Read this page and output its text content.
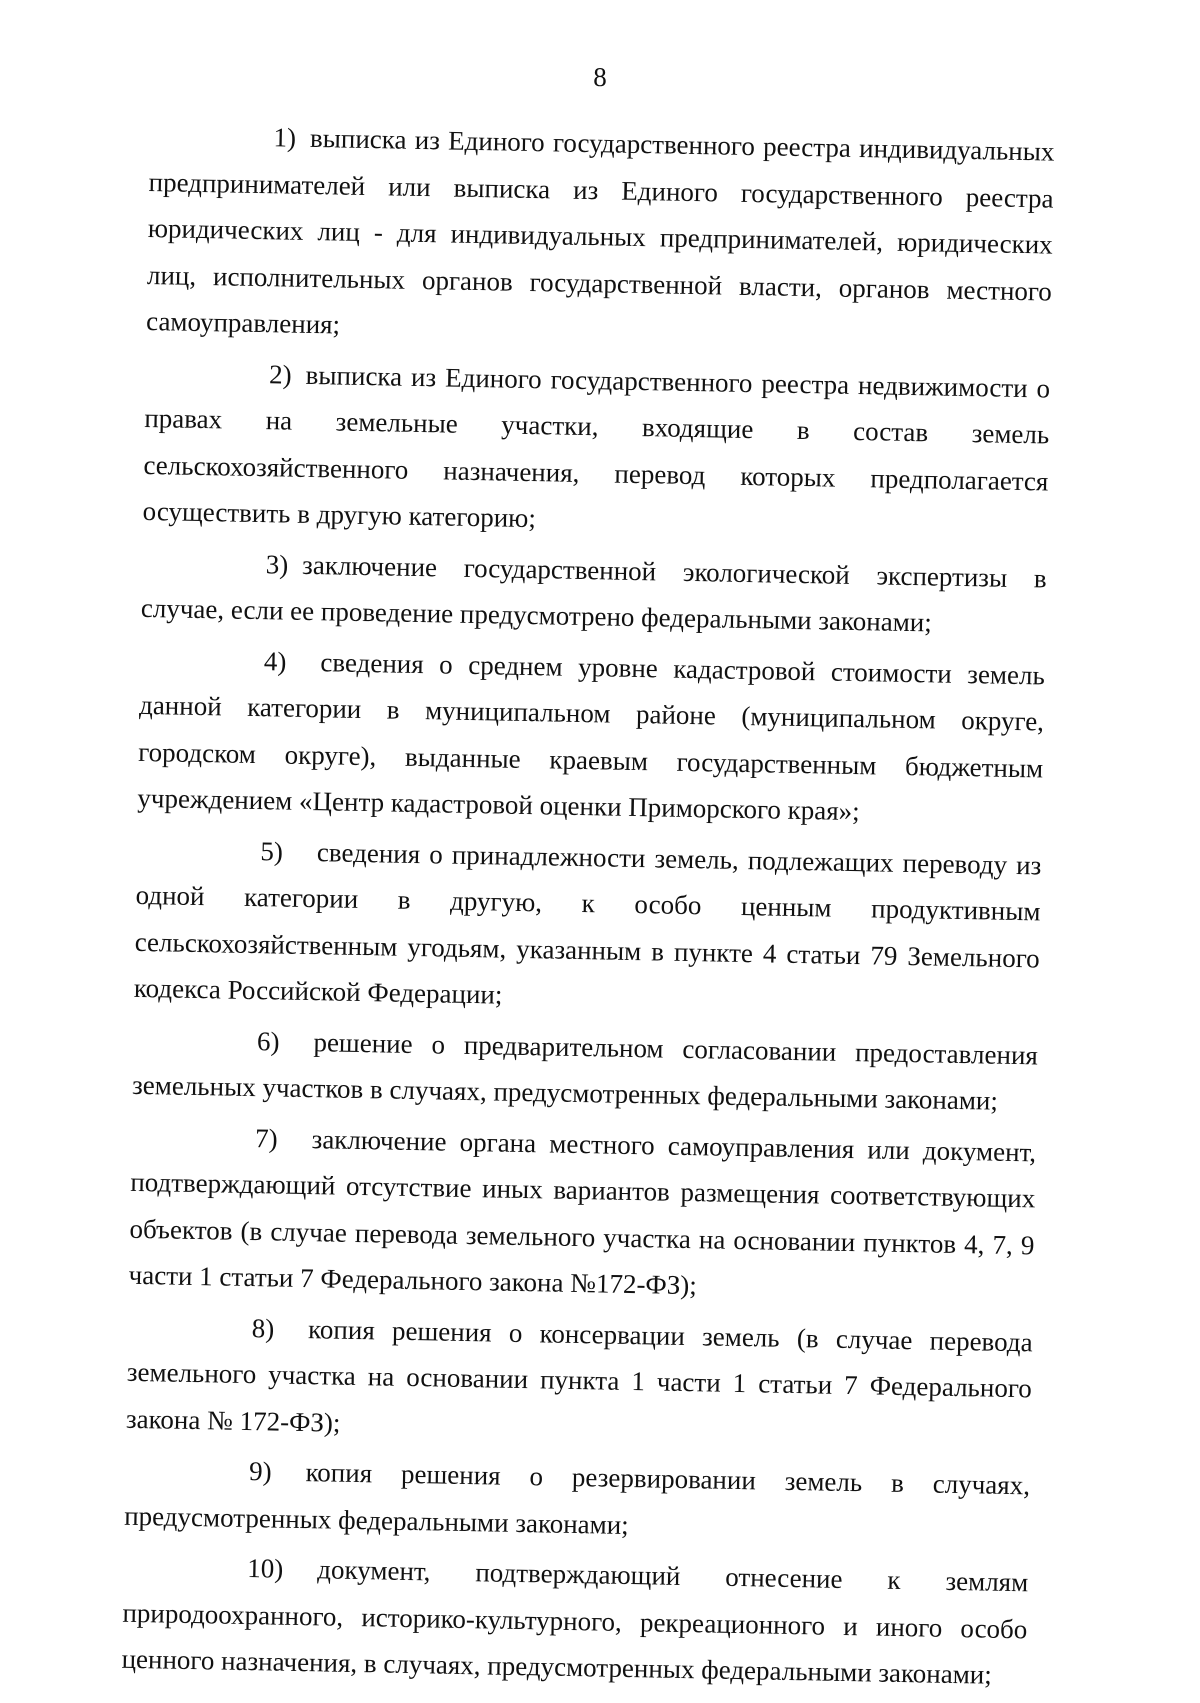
8

1) выписка из Единого государственного реестра индивидуальных предпринимателей или выписка из Единого государственного реестра юридических лиц - для индивидуальных предпринимателей, юридических лиц, исполнительных органов государственной власти, органов местного самоуправления;

2) выписка из Единого государственного реестра недвижимости о правах на земельные участки, входящие в состав земель сельскохозяйственного назначения, перевод которых предполагается осуществить в другую категорию;

3) заключение государственной экологической экспертизы в случае, если ее проведение предусмотрено федеральными законами;

4) сведения о среднем уровне кадастровой стоимости земель данной категории в муниципальном районе (муниципальном округе, городском округе), выданные краевым государственным бюджетным учреждением «Центр кадастровой оценки Приморского края»;

5) сведения о принадлежности земель, подлежащих переводу из одной категории в другую, к особо ценным продуктивным сельскохозяйственным угодьям, указанным в пункте 4 статьи 79 Земельного кодекса Российской Федерации;

6) решение о предварительном согласовании предоставления земельных участков в случаях, предусмотренных федеральными законами;

7) заключение органа местного самоуправления или документ, подтверждающий отсутствие иных вариантов размещения соответствующих объектов (в случае перевода земельного участка на основании пунктов 4, 7, 9 части 1 статьи 7 Федерального закона №172-ФЗ);

8) копия решения о консервации земель (в случае перевода земельного участка на основании пункта 1 части 1 статьи 7 Федерального закона № 172-ФЗ);

9) копия решения о резервировании земель в случаях, предусмотренных федеральными законами;

10) документ, подтверждающий отнесение к землям природоохранного, историко-культурного, рекреационного и иного особо ценного назначения, в случаях, предусмотренных федеральными законами;
